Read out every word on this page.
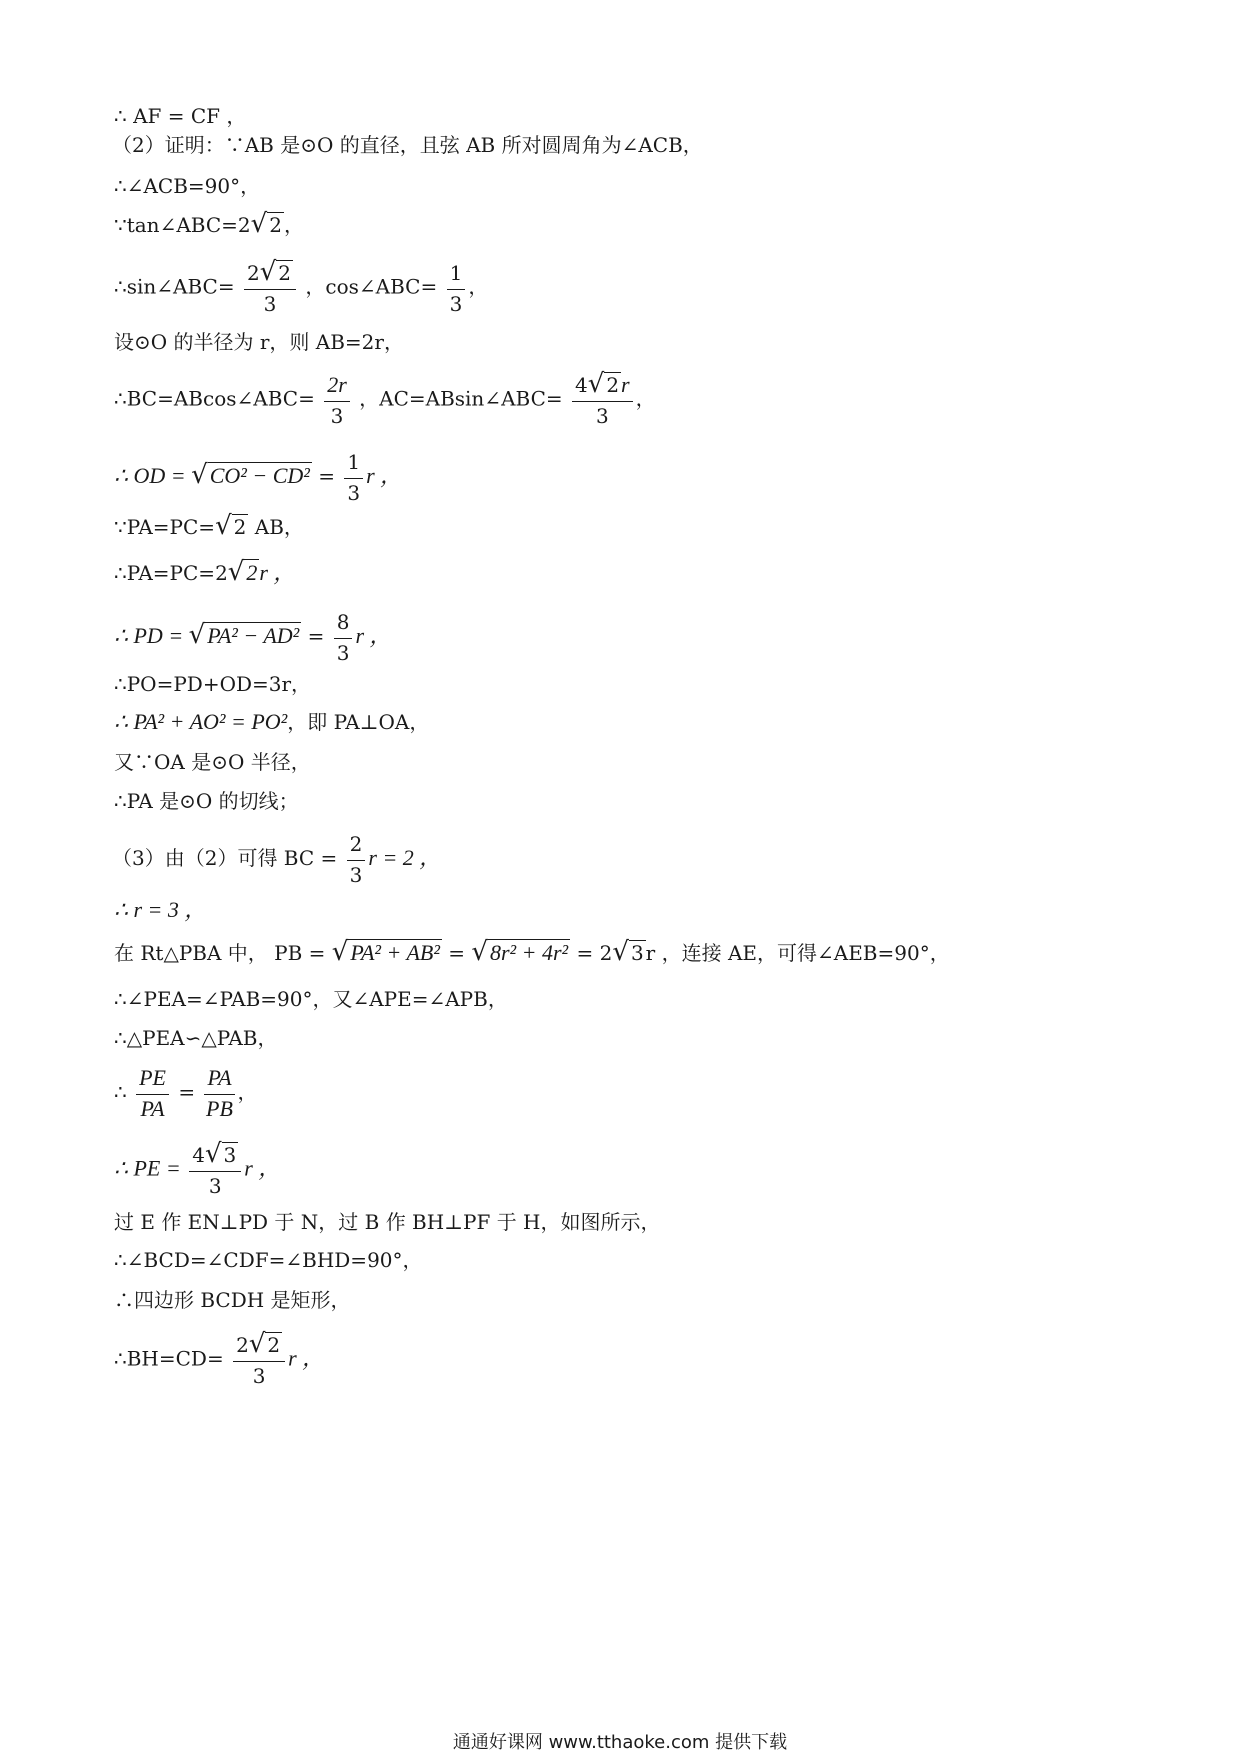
∴ AF = CF ，
（2）证明：∵AB 是⊙O 的直径，且弦 AB 所对圆周角为∠ACB，
∴∠ACB=90°，
∵tan∠ABC=2√ 2 ，
∴sin∠ABC= $\frac{2√ 2}{3}$ ，cos∠ABC= $\frac{1}{3}$ ，
设⊙O 的半径为 r，则 AB=2r，
∴BC=ABcos∠ABC= $\frac{2r}{3}$ ，AC=ABsin∠ABC= $\frac{4√ 2r}{3}$ ，
∴ OD = $√CO^2 - CD^2 = \frac{1}{3}$ r ，
∵PA=PC=√ 2 AB，
∴PA=PC=2√2r ，
∴ PD = $√PA^2 - AD^2 = \frac{8}{3}$ r ，
∴PO=PD+OD=3r，
∴ PA² + AO² = PO²，即 PA⊥OA，
又∵OA 是⊙O 半径，
∴PA 是⊙O 的切线；
（3）由（2）可得 BC = $\frac{2}{3}$ r = 2 ，
∴ r = 3 ，
在 Rt△PBA 中， PB = √PA² + AB² = √8r² + 4r² = 2√ 3 r ，连接 AE，可得∠AEB=90°，
∴∠PEA=∠PAB=90°，又∠APE=∠APB，
∴△PEA∽△PAB，
∴ $\frac{PE}{PA} = \frac{PA}{PB}$ ，
∴ PE = $\frac{4√ 3}{3}$ r ，
过 E 作 EN⊥PD 于 N，过 B 作 BH⊥PF 于 H，如图所示，
∴∠BCD=∠CDF=∠BHD=90°，
∴四边形 BCDH 是矩形，
∴BH=CD= $\frac{2√ 2}{3}$ r ，
通通好课网 www.tthaoke.com 提供下载
